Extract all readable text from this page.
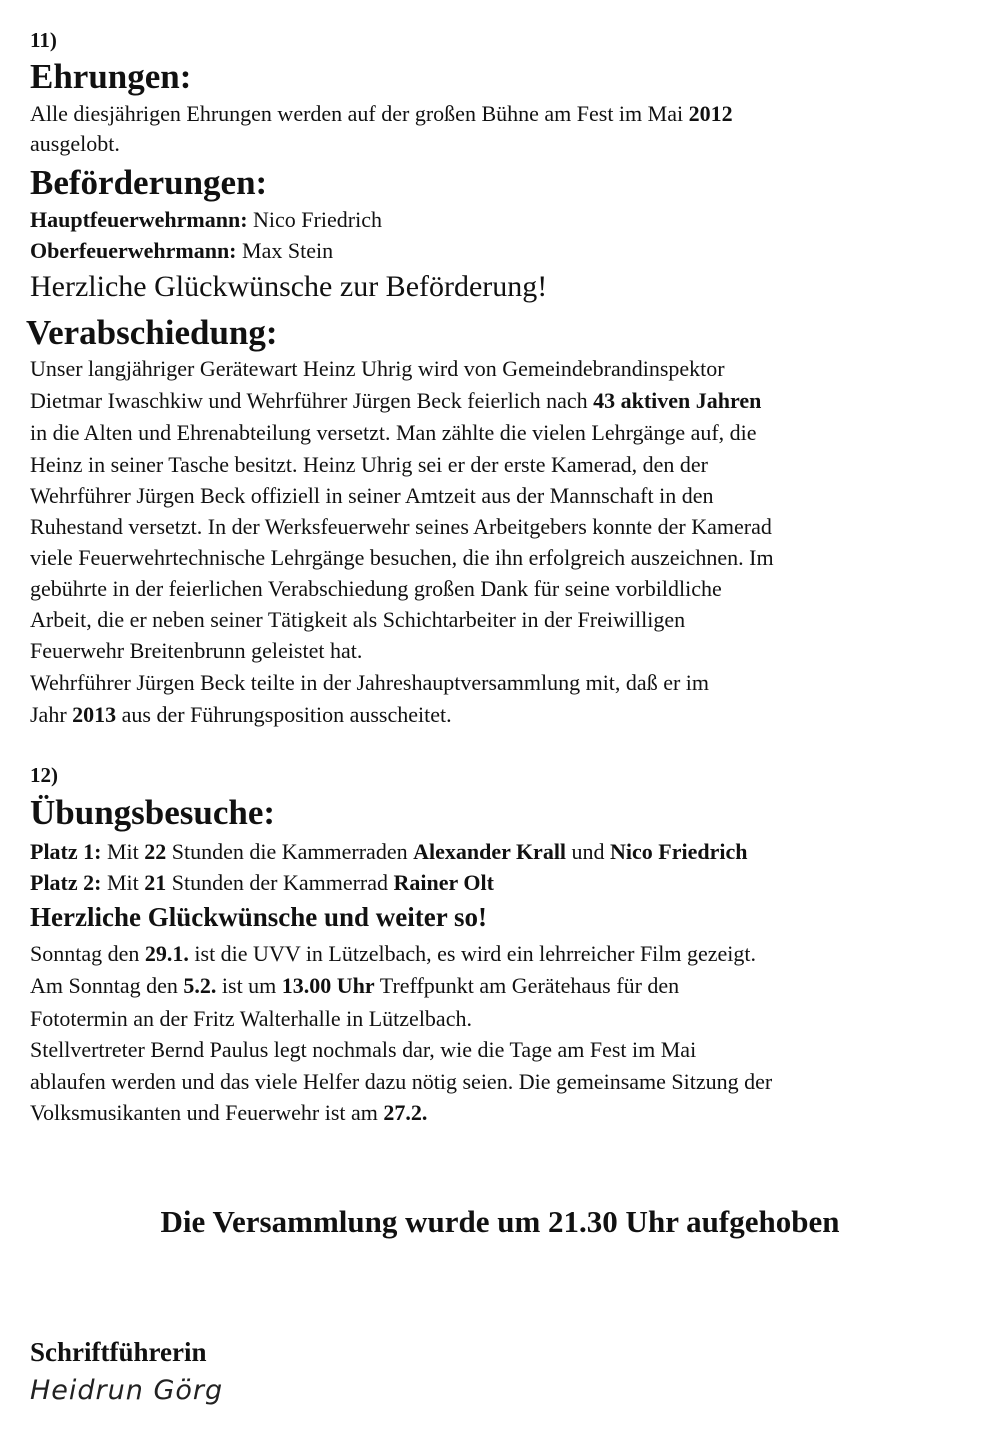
11)
Ehrungen:
Alle diesjährigen Ehrungen werden auf der großen Bühne am Fest im Mai 2012
ausgelobt.
Beförderungen:
Hauptfeuerwehrmann: Nico Friedrich
Oberfeuerwehrmann: Max Stein
Herzliche Glückwünsche zur Beförderung!
Verabschiedung:
Unser langjähriger Gerätewart Heinz Uhrig wird von Gemeindebrandinspektor
Dietmar Iwaschkiw und Wehrführer Jürgen Beck feierlich nach 43 aktiven Jahren
in die Alten und Ehrenabteilung versetzt. Man zählte die vielen Lehrgänge auf, die
Heinz in seiner Tasche besitzt. Heinz Uhrig sei er der erste Kamerad, den der
Wehrführer Jürgen Beck offiziell in seiner Amtzeit aus der Mannschaft in den
Ruhestand versetzt. In der Werksfeuerwehr seines Arbeitgebers konnte der Kamerad
viele Feuerwehrtechnische Lehrgänge besuchen, die ihn erfolgreich auszeichnen. Im
gebührte in der feierlichen Verabschiedung großen Dank für seine vorbildliche
Arbeit, die er neben seiner Tätigkeit als Schichtarbeiter in der Freiwilligen
Feuerwehr Breitenbrunn geleistet hat.
Wehrführer Jürgen Beck teilte in der Jahreshauptversammlung mit, daß er im
Jahr 2013 aus der Führungsposition ausscheitet.
12)
Übungsbesuche:
Platz 1: Mit 22 Stunden die Kammerraden Alexander Krall und Nico Friedrich
Platz 2: Mit 21 Stunden der Kammerrad Rainer Olt
Herzliche Glückwünsche und weiter so!
Sonntag den 29.1. ist die UVV in Lützelbach, es wird ein lehrreicher Film gezeigt.
Am Sonntag den 5.2. ist um 13.00 Uhr Treffpunkt am Gerätehaus für den
Fototermin an der Fritz Walterhalle in Lützelbach.
Stellvertreter Bernd Paulus legt nochmals dar, wie die Tage am Fest im Mai
ablaufen werden und das viele Helfer dazu nötig seien. Die gemeinsame Sitzung der
Volksmusikanten und Feuerwehr ist am 27.2.
Die Versammlung wurde um 21.30 Uhr aufgehoben
Schriftführerin
Heidrun Görg
